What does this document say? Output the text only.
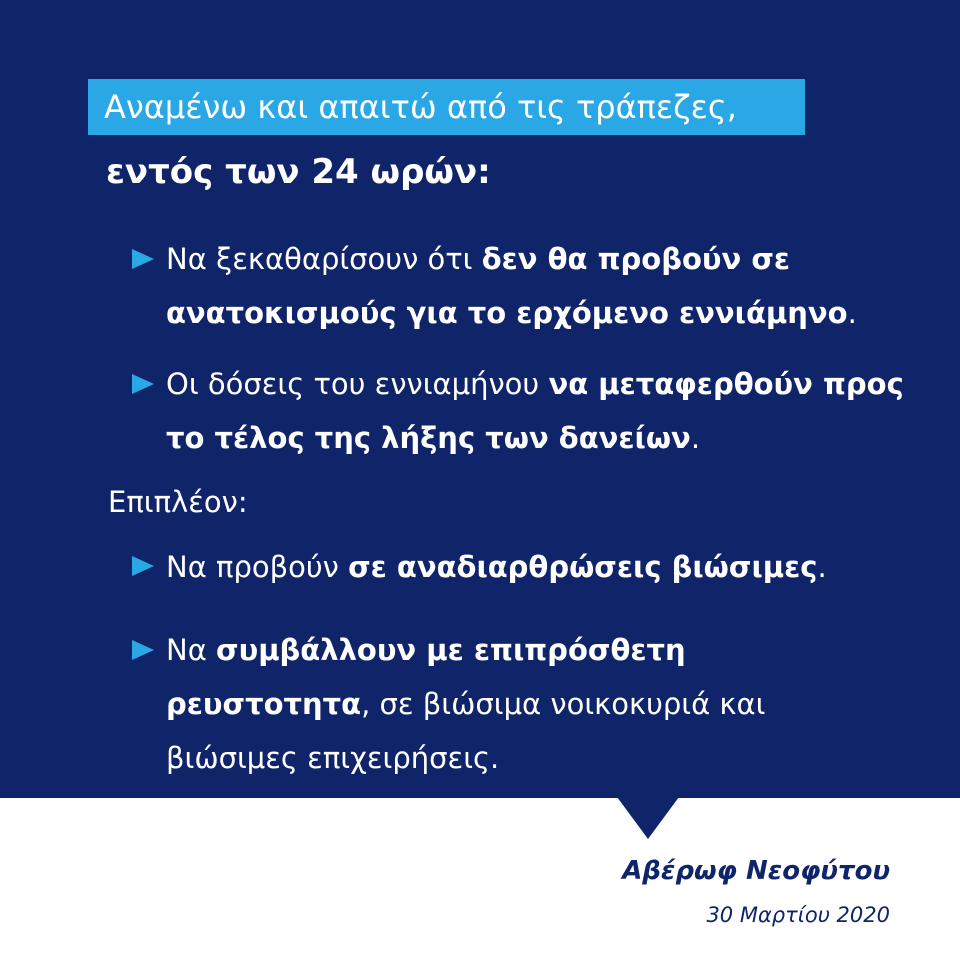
Αναμένω και απαιτώ από τις τράπεζες,
εντός των 24 ωρών:
Να ξεκαθαρίσουν ότι δεν θα προβούν σε ανατοκισμούς για το ερχόμενο εννιάμηνο.
Οι δόσεις του εννιαμήνου να μεταφερθούν προς το τέλος της λήξης των δανείων.
Επιπλέον:
Να προβούν σε αναδιαρθρώσεις βιώσιμες.
Να συμβάλλουν με επιπρόσθετη ρευστοτητα, σε βιώσιμα νοικοκυριά και βιώσιμες επιχειρήσεις.
Αβέρωφ Νεοφύτου
30 Μαρτίου 2020
